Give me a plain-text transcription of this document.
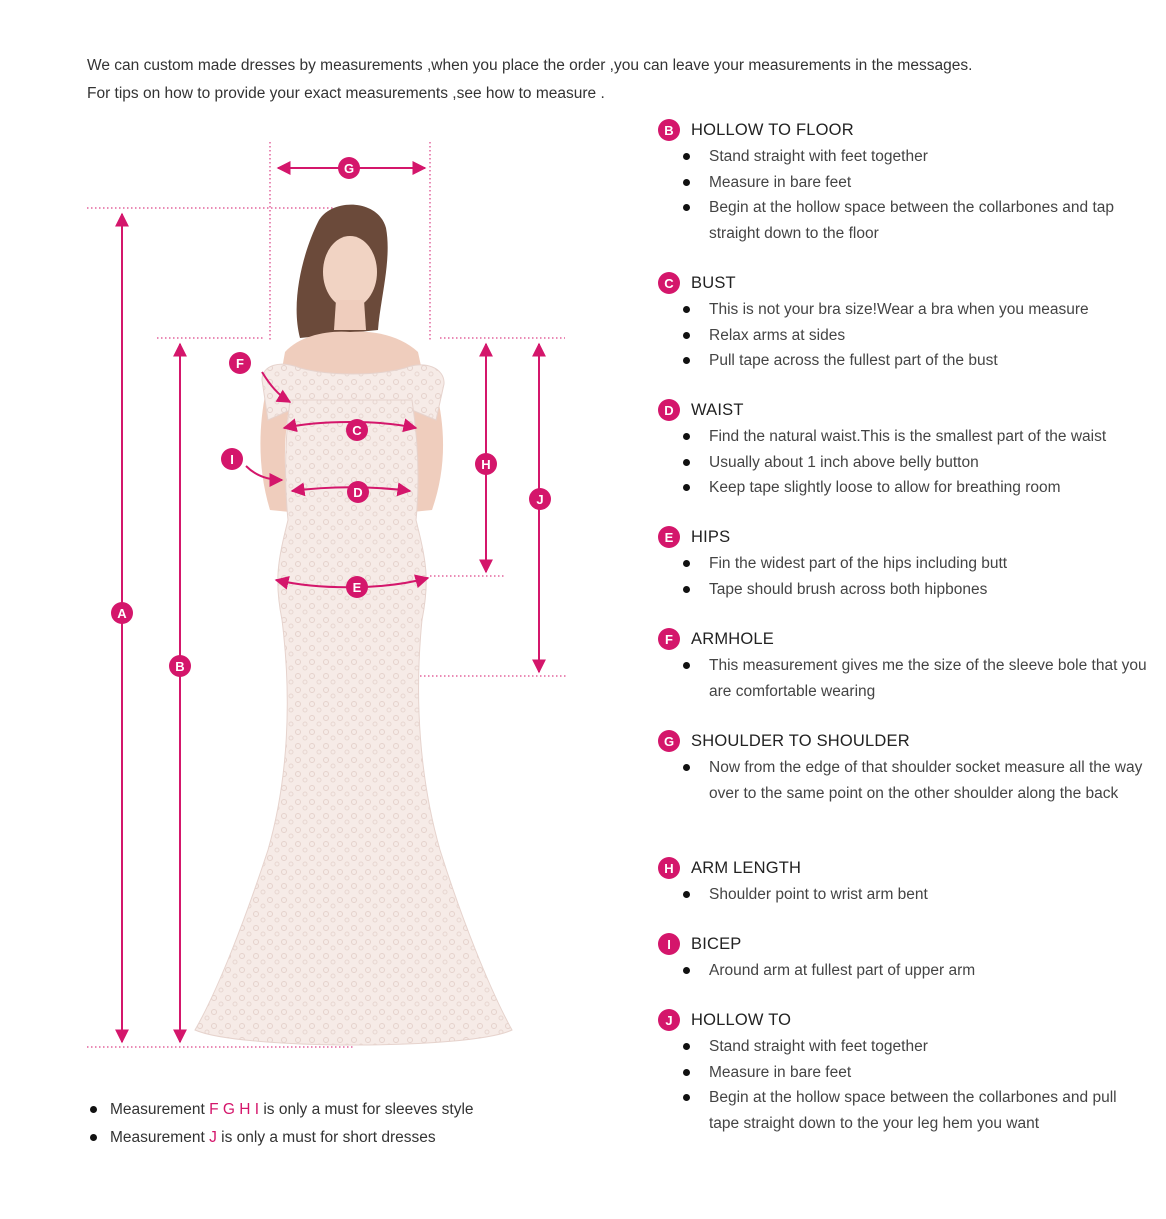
We can custom made dresses by measurements ,when you place the order ,you can leave your measurements in the messages.

For tips on how to provide your exact measurements ,see how to measure .

G
F
C
I	H
D	J
E
A
B
B	HOLLOW TO FLOOR
Stand straight with feet together
Measure in bare feet
Begin at the hollow space between the collarbones and tap straight down to the floor
C	BUST
This is not your bra size!Wear a bra when you measure
Relax arms at sides
Pull tape across the fullest part of the bust
D	WAIST
Find the natural waist.This is the smallest part of the waist
Usually about 1 inch above belly button
Keep tape slightly loose to allow for breathing room
E	HIPS
Fin the widest part of the hips including butt
Tape should brush across both hipbones
F	ARMHOLE
This measurement gives me the size of the sleeve bole that you are comfortable wearing
G	SHOULDER TO SHOULDER
Now from the edge of that shoulder socket measure all the way over to the same point on the other shoulder along the back
H	ARM LENGTH
Shoulder point to wrist arm bent
I	BICEP
Around arm at fullest part of upper arm
J	HOLLOW TO
Stand straight with feet together
Measure in bare feet
Begin at the hollow space between the collarbones and pull tape straight down to the your leg hem you want
Measurement F G H I is only a must for sleeves style
Measurement J is only a must for short dresses
